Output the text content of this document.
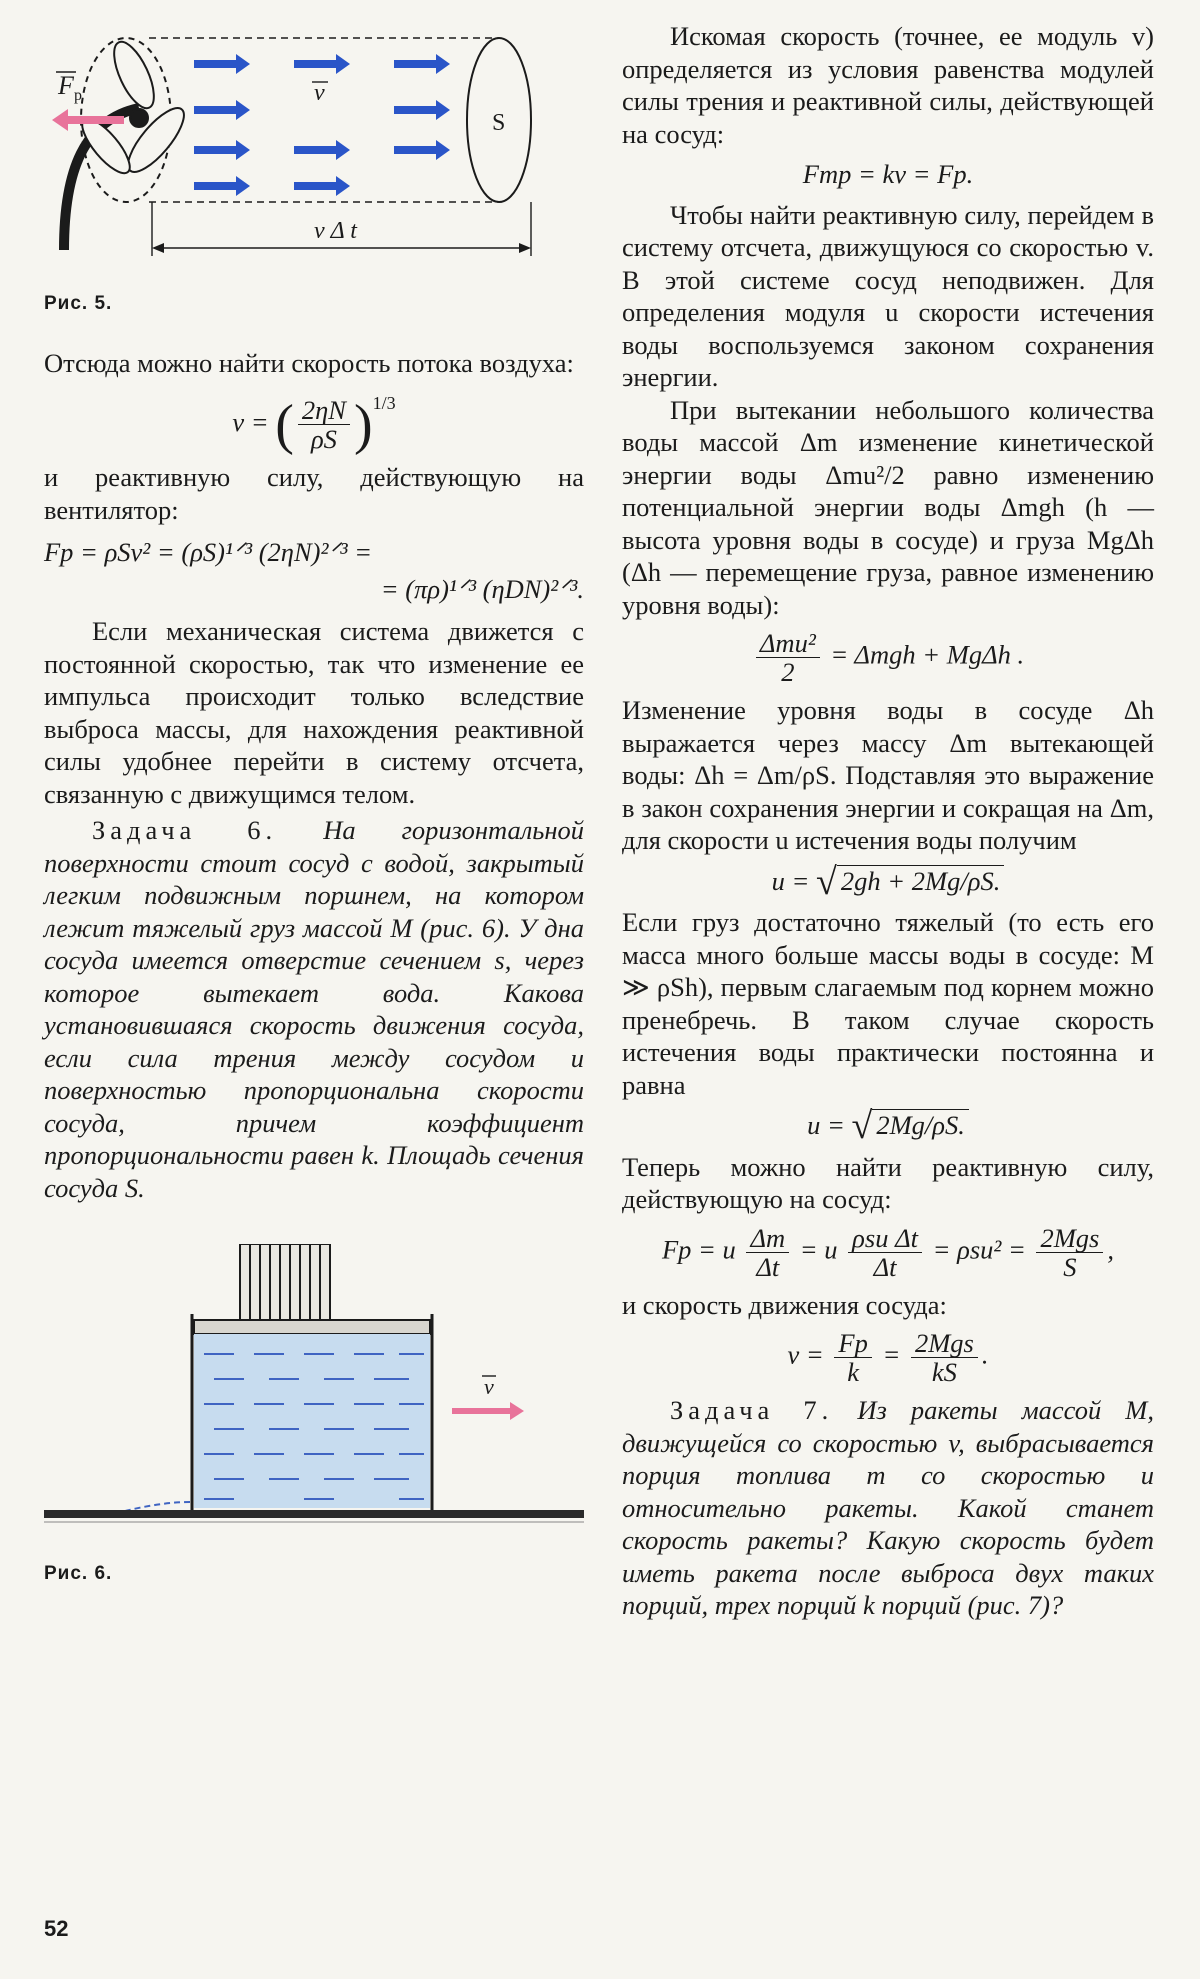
S
v
F р
v Δ t
Рис. 5.

Отсюда можно найти скорость потока воздуха:

v = ( $\frac{2\eta N}{\rho S} )^{1/3}$

и реактивную силу, действующую на вентилятор:

Fр = ρSv² = (ρS)¹ᐟ³ (2ηN)²ᐟ³ =
= (πρ)¹ᐟ³ (ηDN)²ᐟ³.

Если механическая система движется с постоянной скоростью, так что изменение ее импульса происходит только вследствие выброса массы, для нахождения реактивной силы удобнее перейти в систему отсчета, связанную с движущимся телом.

Задача 6. На горизонтальной поверхности стоит сосуд с водой, закрытый легким подвижным поршнем, на котором лежит тяжелый груз массой M (рис. 6). У дна сосуда имеется отверстие сечением s, через которое вытекает вода. Какова установившаяся скорость движения сосуда, если сила трения между сосудом и поверхностью пропорциональна скорости сосуда, причем коэффициент пропорциональности равен k. Площадь сечения сосуда S.

v
Рис. 6.

Искомая скорость (точнее, ее модуль v) определяется из условия равенства модулей силы трения и реактивной силы, действующей на сосуд:

Fтр = kv = Fр.

Чтобы найти реактивную силу, перейдем в систему отсчета, движущуюся со скоростью v. В этой системе сосуд неподвижен. Для определения модуля u скорости истечения воды воспользуемся законом сохранения энергии.

При вытекании небольшого количества воды массой Δm изменение кинетической энергии воды Δmu²/2 равно изменению потенциальной энергии воды Δmgh (h — высота уровня воды в сосуде) и груза MgΔh (Δh — перемещение груза, равное изменению уровня воды):

$\frac{\text{Δmu²}}{2} = \Delta mgh + Mg\Delta h$ .

Изменение уровня воды в сосуде Δh выражается через массу Δm вытекающей воды: Δh = Δm/ρS. Подставляя это выражение в закон сохранения энергии и сокращая на Δm, для скорости u истечения воды получим

u = √ 2gh + 2Mg/ρS.

Если груз достаточно тяжелый (то есть его масса много больше массы воды в сосуде: M ≫ ρSh), первым слагаемым под корнем можно пренебречь. В таком случае скорость истечения воды практически постоянна и равна

u = √ 2Mg/ρS.

Теперь можно найти реактивную силу, действующую на сосуд:

Fр = u $\frac{\Delta m}{\Delta t} = u \frac{\text{ρsu Δt}}{\Delta t} = \rho su^2 = \frac{\text{2Mgs}}{S}$ ,

и скорость движения сосуда:

$v = \frac{Fр}{k} = \frac{\text{2Mgs}}{kS}$ .

Задача 7. Из ракеты массой M, движущейся со скоростью v, выбрасывается порция топлива m со скоростью u относительно ракеты. Какой станет скорость ракеты? Какую скорость будет иметь ракета после выброса двух таких порций, трех порций k порций (рис. 7)?

52
